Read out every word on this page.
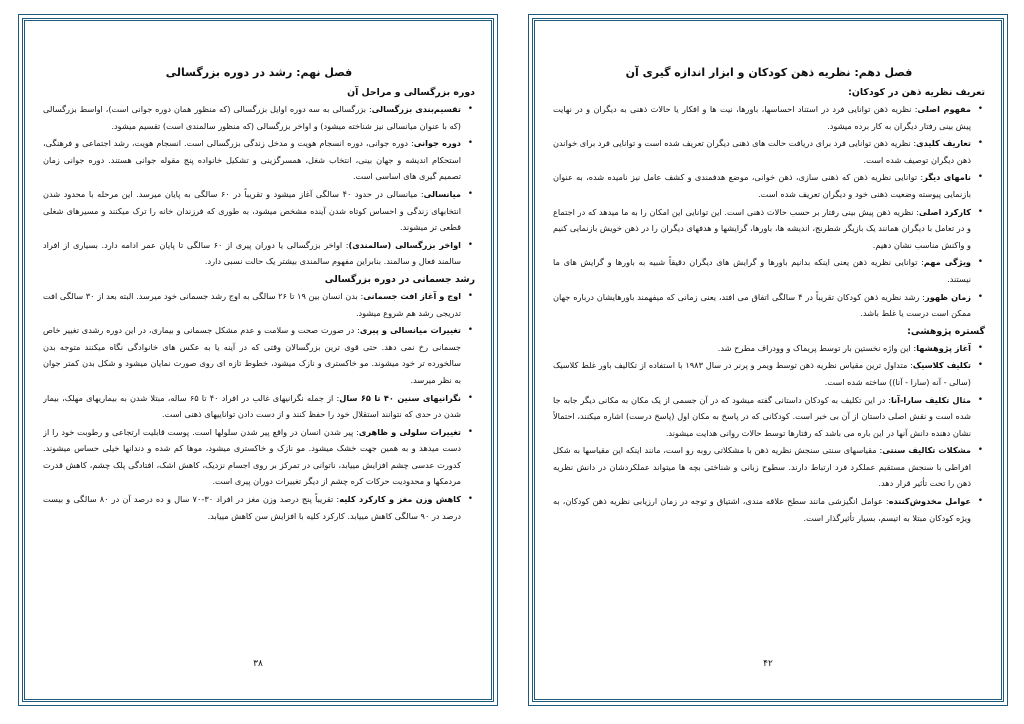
فصل نهم: رشد در دوره بزرگسالی
دوره بزرگسالی و مراحل آن
• تقسیم‌بندی بزرگسالی: بزرگسالی به سه دوره اوایل بزرگسالی (که منظور همان دوره جوانی است)، اواسط بزرگسالی (که با عنوان میانسالی نیز شناخته میشود) و اواخر بزرگسالی (که منظور سالمندی است) تقسیم میشود.
• دوره جوانی: دوره جوانی، دوره انسجام هویت و مدخل زندگی بزرگسالی است. انسجام هویت، رشد اجتماعی و فرهنگی، استحکام اندیشه و جهان بینی، انتخاب شغل، همسرگزینی و تشکیل خانواده پنج مقوله جوانی هستند. دوره جوانی زمان تصمیم گیری های اساسی است.
• میانسالی: میانسالی در حدود ۴۰ سالگی آغاز میشود و تقریباً در ۶۰ سالگی به پایان میرسد. این مرحله با محدود شدن انتخابهای زندگی و احساس کوتاه شدن آینده مشخص میشود، به طوری که فرزندان خانه را ترک میکنند و مسیرهای شغلی قطعی تر میشوند.
• اواخر بزرگسالی (سالمندی): اواخر بزرگسالی یا دوران پیری از ۶۰ سالگی تا پایان عمر ادامه دارد. بسیاری از افراد سالمند فعال و سالمند. بنابراین مفهوم سالمندی بیشتر یک حالت نسبی دارد.
رشد جسمانی در دوره بزرگسالی
• اوج و آغاز افت جسمانی: بدن انسان بین ۱۹ تا ۲۶ سالگی به اوج رشد جسمانی خود میرسد. البته بعد از ۳۰ سالگی افت تدریجی رشد هم شروع میشود.
• تغییرات میانسالی و پیری: در صورت صحت و سلامت و عدم مشکل جسمانی و بیماری، در این دوره رشدی تغییر خاص جسمانی رخ نمی دهد. حتی قوی ترین بزرگسالان وقتی که در آینه یا به عکس های خانوادگی نگاه میکنند متوجه بدن سالخورده تر خود میشوند. مو خاکستری و نازک میشود، خطوط تازه ای روی صورت نمایان میشود و شکل بدن کمتر جوان به نظر میرسد.
• نگرانیهای سنین ۴۰ تا ۶۵ سال: از جمله نگرانیهای غالب در افراد ۴۰ تا ۶۵ ساله، مبتلا شدن به بیماریهای مهلک، بیمار شدن در حدی که نتوانند استقلال خود را حفظ کنند و از دست دادن تواناییهای ذهنی است.
• تغییرات سلولی و ظاهری: پیر شدن انسان در واقع پیر شدن سلولها است. پوست قابلیت ارتجاعی و رطوبت خود را از دست میدهد و به همین جهت خشک میشود. مو نازک و خاکستری میشود، موها کم شده و دندانها خیلی حساس میشوند. کدورت عدسی چشم افزایش مییابد، ناتوانی در تمرکز بر روی اجسام نزدیک، کاهش اشک، افتادگی پلک چشم، کاهش قدرت مردمکها و محدودیت حرکات کره چشم از دیگر تغییرات دوران پیری است.
• کاهش وزن مغز و کارکرد کلیه: تقریباً پنج درصد وزن مغز در افراد ۳۰-۷۰ سال و ده درصد آن در ۸۰ سالگی و بیست درصد در ۹۰ سالگی کاهش مییابد. کارکرد کلیه با افزایش سن کاهش مییابد.
۳۸
فصل دهم: نظریه ذهن کودکان و ابزار اندازه گیری آن
تعریف نظریه ذهن در کودکان:
• مفهوم اصلی: نظریه ذهن توانایی فرد در استناد احساسها، باورها، نیت ها و افکار یا حالات ذهنی به دیگران و در نهایت پیش بینی رفتار دیگران به کار برده میشود.
• تعاریف کلیدی: نظریه ذهن توانایی فرد برای دریافت حالت های ذهنی دیگران تعریف شده است و توانایی فرد برای خواندن ذهن دیگران توصیف شده است.
• نامهای دیگر: توانایی نظریه ذهن که ذهنی سازی، ذهن خوانی، موضع هدفمندی و کشف عامل نیز نامیده شده، به عنوان بازنمایی پیوسته وضعیت ذهنی خود و دیگران تعریف شده است.
• کارکرد اصلی: نظریه ذهن پیش بینی رفتار بر حسب حالات ذهنی است. این توانایی این امکان را به ما میدهد که در اجتماع و در تعامل با دیگران همانند یک بازیگر شطرنج، اندیشه ها، باورها، گرایشها و هدفهای دیگران را در ذهن خویش بازنمایی کنیم و واکنش مناسب نشان دهیم.
• ویژگی مهم: توانایی نظریه ذهن یعنی اینکه بدانیم باورها و گرایش های دیگران دقیقاً شبیه به باورها و گرایش های ما نیستند.
• زمان ظهور: رشد نظریه ذهن کودکان تقریباً در ۴ سالگی اتفاق می افتد، یعنی زمانی که میفهمند باورهایشان درباره جهان ممکن است درست یا غلط باشد.
گستره پژوهشی:
• آغاز پژوهشها: این واژه نخستین بار توسط پریماک و وودراف مطرح شد.
• تکلیف کلاسیک: متداول ترین مقیاس نظریه ذهن توسط ویمر و پرنر در سال ۱۹۸۳ با استفاده از تکالیف باور غلط کلاسیک (سالی - آنه (سارا - آنا)) ساخته شده است.
• مثال تکلیف سارا-آنا: در این تکلیف به کودکان داستانی گفته میشود که در آن جسمی از یک مکان به مکانی دیگر جابه جا شده است و نقش اصلی داستان از آن بی خبر است. کودکانی که در پاسخ به مکان اول (پاسخ درست) اشاره میکنند، احتمالاً نشان دهنده دانش آنها در این باره می باشد که رفتارها توسط حالات روانی هدایت میشوند.
• مشکلات تکالیف سنتی: مقیاسهای سنتی سنجش نظریه ذهن با مشکلاتی روبه رو است، مانند اینکه این مقیاسها به شکل افراطی با سنجش مستقیم عملکرد فرد ارتباط دارند. سطوح زبانی و شناختی بچه ها میتواند عملکردشان در دانش نظریه ذهن را تحت تأثیر قرار دهد.
• عوامل مخدوش‌کننده: عوامل انگیزشی مانند سطح علاقه مندی، اشتیاق و توجه در زمان ارزیابی نظریه ذهن کودکان، به ویژه کودکان مبتلا به اتیسم، بسیار تأثیرگذار است.
۴۲
